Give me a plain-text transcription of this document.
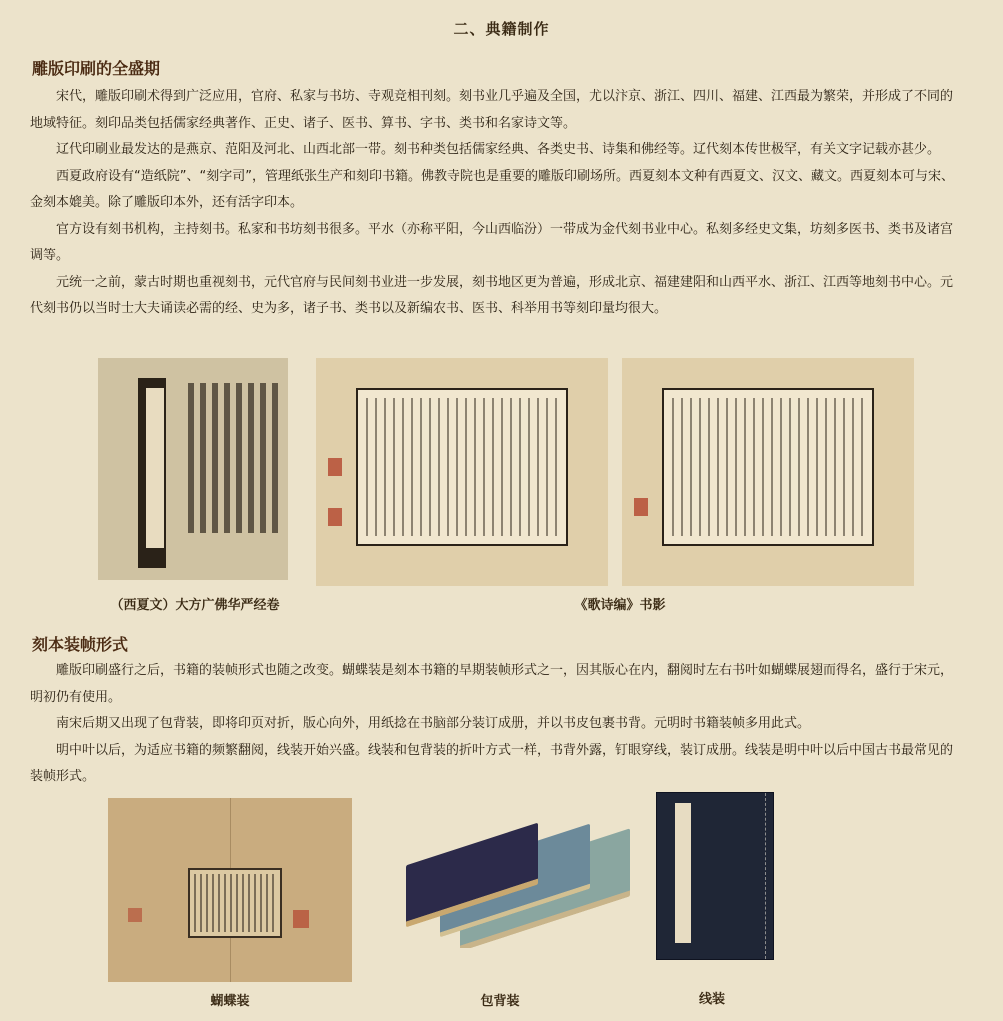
二、典籍制作
雕版印刷的全盛期

宋代，雕版印刷术得到广泛应用，官府、私家与书坊、寺观竞相刊刻。刻书业几乎遍及全国，尤以汴京、浙江、四川、福建、江西最为繁荣，并形成了不同的地域特征。刻印品类包括儒家经典著作、正史、诸子、医书、算书、字书、类书和名家诗文等。

辽代印刷业最发达的是燕京、范阳及河北、山西北部一带。刻书种类包括儒家经典、各类史书、诗集和佛经等。辽代刻本传世极罕，有关文字记载亦甚少。

西夏政府设有“造纸院”、“刻字司”，管理纸张生产和刻印书籍。佛教寺院也是重要的雕版印刷场所。西夏刻本文种有西夏文、汉文、藏文。西夏刻本可与宋、金刻本媲美。除了雕版印本外，还有活字印本。

官方设有刻书机构，主持刻书。私家和书坊刻书很多。平水（亦称平阳，今山西临汾）一带成为金代刻书业中心。私刻多经史文集，坊刻多医书、类书及诸宫调等。

元统一之前，蒙古时期也重视刻书，元代官府与民间刻书业进一步发展，刻书地区更为普遍，形成北京、福建建阳和山西平水、浙江、江西等地刻书中心。元代刻书仍以当时士大夫诵读必需的经、史为多，诸子书、类书以及新编农书、医书、科举用书等刻印量均很大。

（西夏文）大方广佛华严经卷	《歌诗编》书影
刻本装帧形式

雕版印刷盛行之后，书籍的装帧形式也随之改变。蝴蝶装是刻本书籍的早期装帧形式之一，因其版心在内，翻阅时左右书叶如蝴蝶展翅而得名，盛行于宋元，明初仍有使用。

南宋后期又出现了包背装，即将印页对折，版心向外，用纸捻在书脑部分装订成册，并以书皮包裹书背。元明时书籍装帧多用此式。

明中叶以后，为适应书籍的频繁翻阅，线装开始兴盛。线装和包背装的折叶方式一样，书背外露，钉眼穿线，装订成册。线装是明中叶以后中国古书最常见的装帧形式。

蝴蝶装	包背装	线装
